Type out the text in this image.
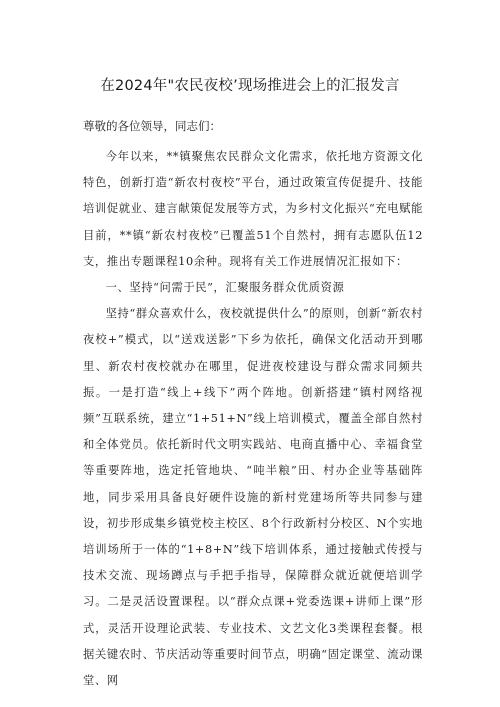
在2024年"农民夜校’现场推进会上的汇报发言
尊敬的各位领导，同志们：

今年以来，**镇聚焦农民群众文化需求，依托地方资源文化特色，创新打造“新农村夜校”平台，通过政策宣传促提升、技能培训促就业、建言献策促发展等方式，为乡村文化振兴“充电赋能目前，**镇“新农村夜校”已覆盖51个自然村，拥有志愿队伍12支，推出专题课程10余种。现将有关工作进展情况汇报如下：

一、坚持“问需于民”，汇聚服务群众优质资源

坚持“群众喜欢什么，夜校就提供什么”的原则，创新“新农村夜校+”模式，以“送戏送影”下乡为依托，确保文化活动开到哪里、新农村夜校就办在哪里，促进夜校建设与群众需求同频共振。一是打造“线上+线下”两个阵地。创新搭建“镇村网络视频”互联系统，建立“1+51+N”线上培训模式，覆盖全部自然村和全体党员。依托新时代文明实践站、电商直播中心、幸福食堂等重要阵地，选定托管地块、“吨半粮”田、村办企业等基础阵地，同步采用具备良好硬件设施的新村党建场所等共同参与建设，初步形成集乡镇党校主校区、8个行政新村分校区、N个实地培训场所于一体的“1+8+N”线下培训体系，通过接触式传授与技术交流、现场蹲点与手把手指导，保障群众就近就便培训学习。二是灵活设置课程。以“群众点课+党委选课+讲师上课”形式，灵活开设理论武装、专业技术、文艺文化3类课程套餐。根据关键农时、节庆活动等重要时间节点，明确“固定课堂、流动课堂、网
